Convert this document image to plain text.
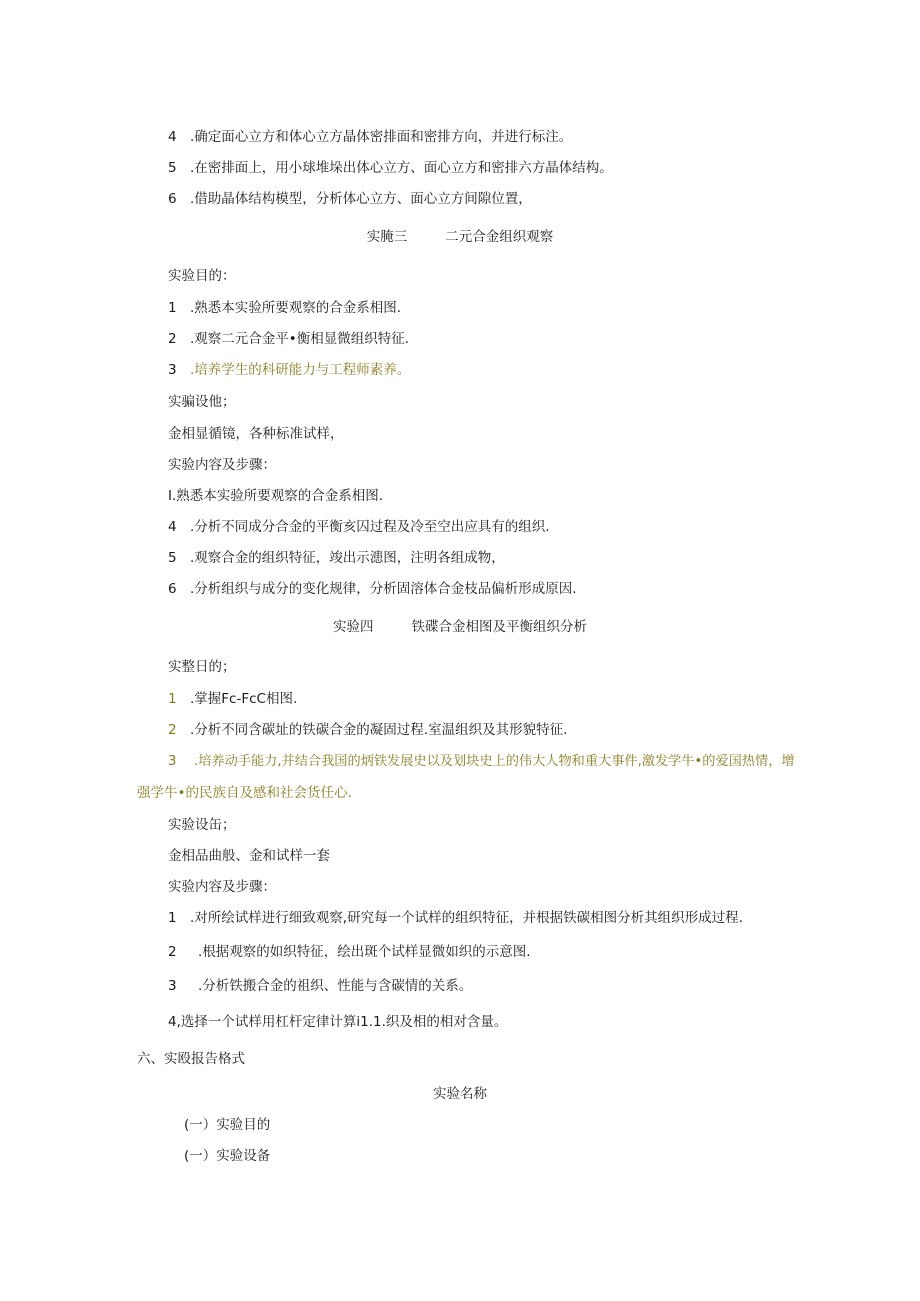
4 .确定面心立方和体心立方晶体密排面和密排方向，并进行标注。
5 .在密排面上，用小球堆垛出体心立方、面心立方和密排六方晶体结构。
6 .借助晶体结构模型，分析体心立方、面心立方间隙位置，
实腌三	二元合金组织观察
实验目的：
1 .熟悉本实验所要观察的合金系相图.
2 .观察二元合金平•衡相显微组织特征.
3 .培养学生的科研能力与工程师素养。
实骗设他；
金相显循镜，各种标准试样，
实验内容及步骤：
I.熟悉本实验所要观察的合金系相图.
4 .分析不同成分合金的平衡亥囚过程及冷至空出应具有的组织.
5 .观察合金的组织特征，竣出示漶图，注明各组成物，
6 .分析组织与成分的变化规律，分析固溶体合金枝品偏析形成原因.
实验四	铁碟合金相图及平衡组织分析
实整日的；
1 .掌握Fc-FcC相图.
2 .分析不同含碳址的铁碳合金的凝固过程.室温组织及其形貌特征.
3 .培养动手能力,并结合我国的炳铁发展史以及划块史上的伟大人物和重大事件,激发学牛•的爱国热情，增
强学牛•的民族自及感和社会货任心.
实验设缶；
金相品曲般、金和试样一套
实验内容及步骤：
1 .对所绘试样进行细致观察,研究每一个试样的组织特征，并根据铁碳相图分析其组织形成过程.
2 .根据观察的如织特征，绘出斑个试样显微如织的示意图.
3 .分析铁搬合金的祖织、性能与含碳情的关系。
4,选择一个试样用杠杆定律计算i1.1.织及相的相对含量。
六、实殴报告格式
实验名称
(一）实验目的
(一）实验设备
